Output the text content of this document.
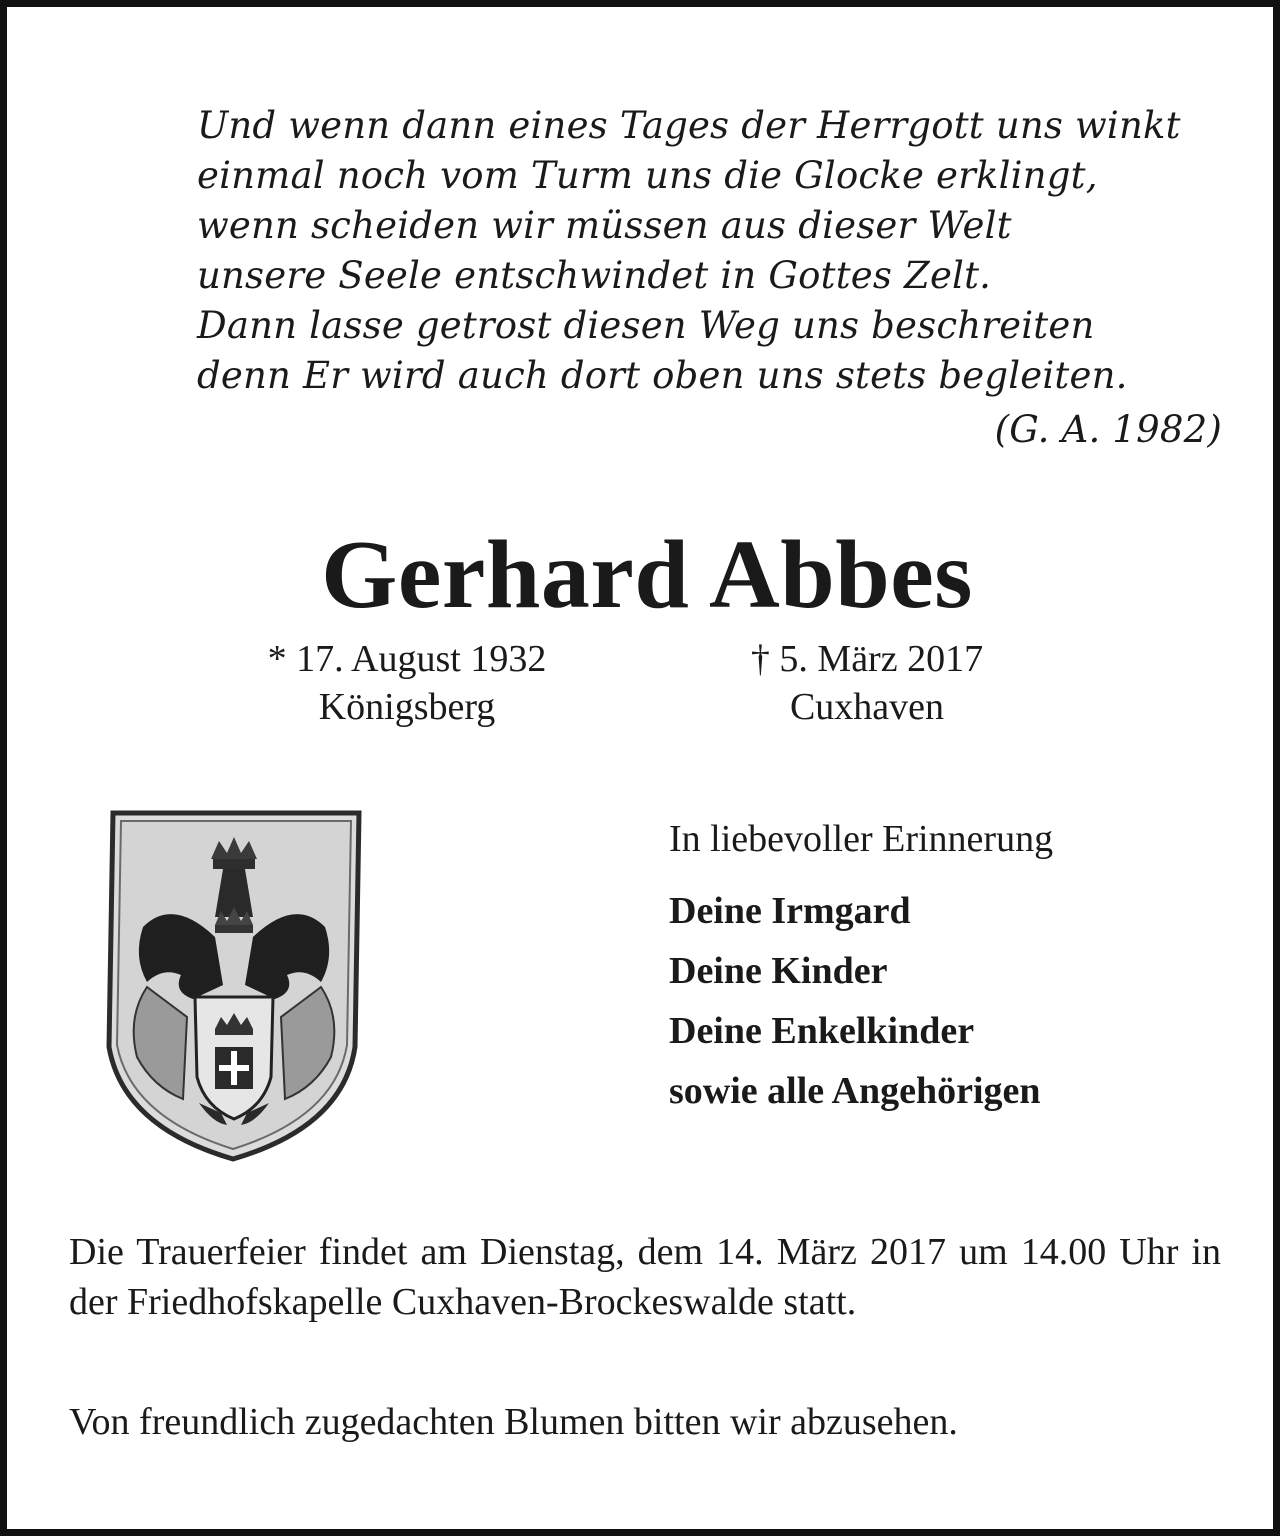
Und wenn dann eines Tages der Herrgott uns winkt
einmal noch vom Turm uns die Glocke erklingt,
wenn scheiden wir müssen aus dieser Welt
unsere Seele entschwindet in Gottes Zelt.
Dann lasse getrost diesen Weg uns beschreiten
denn Er wird auch dort oben uns stets begleiten.
(G. A. 1982)
Gerhard Abbes
* 17. August 1932
Königsberg
† 5. März 2017
Cuxhaven
In liebevoller Erinnerung
Deine Irmgard
Deine Kinder
Deine Enkelkinder
sowie alle Angehörigen

Die Trauerfeier findet am Dienstag, dem 14. März 2017 um 14.00 Uhr in der Friedhofskapelle Cuxhaven-Brockeswalde statt.

Von freundlich zugedachten Blumen bitten wir abzusehen.
